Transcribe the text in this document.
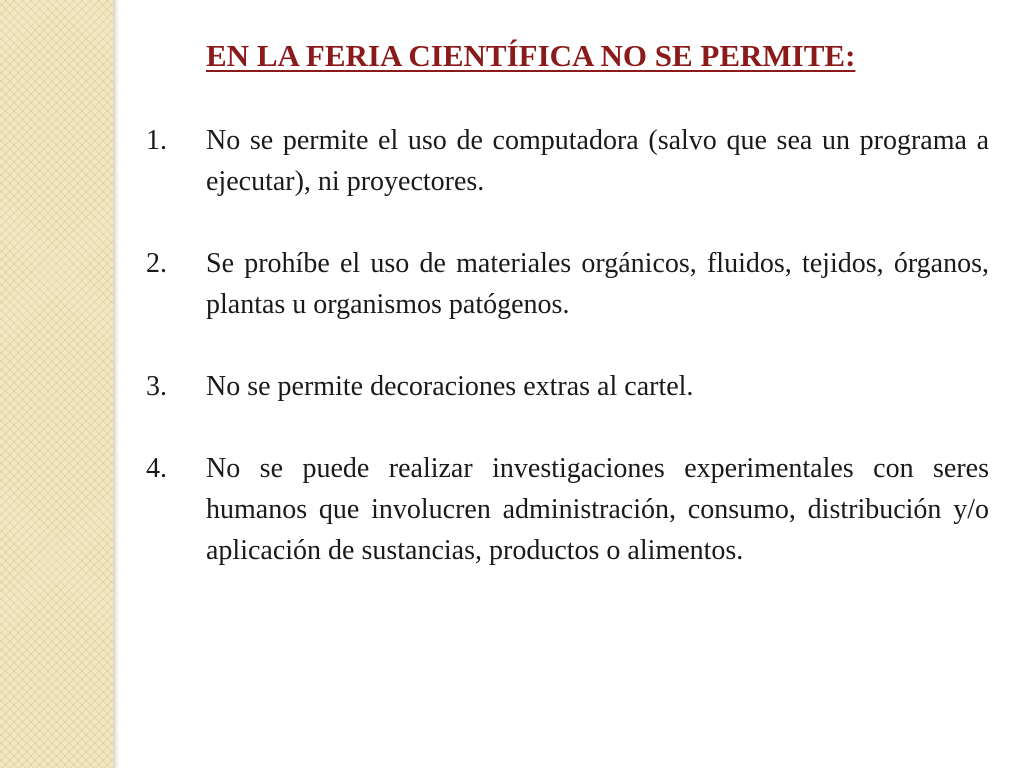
EN LA FERIA CIENTÍFICA NO SE PERMITE:
1. No se permite el uso de computadora (salvo que sea un programa a ejecutar), ni proyectores.
2. Se prohíbe el uso de materiales orgánicos, fluidos, tejidos, órganos, plantas u organismos patógenos.
3. No se permite decoraciones extras al cartel.
4. No se puede realizar investigaciones experimentales con seres humanos que involucren administración, consumo, distribución y/o aplicación de sustancias, productos o alimentos.
